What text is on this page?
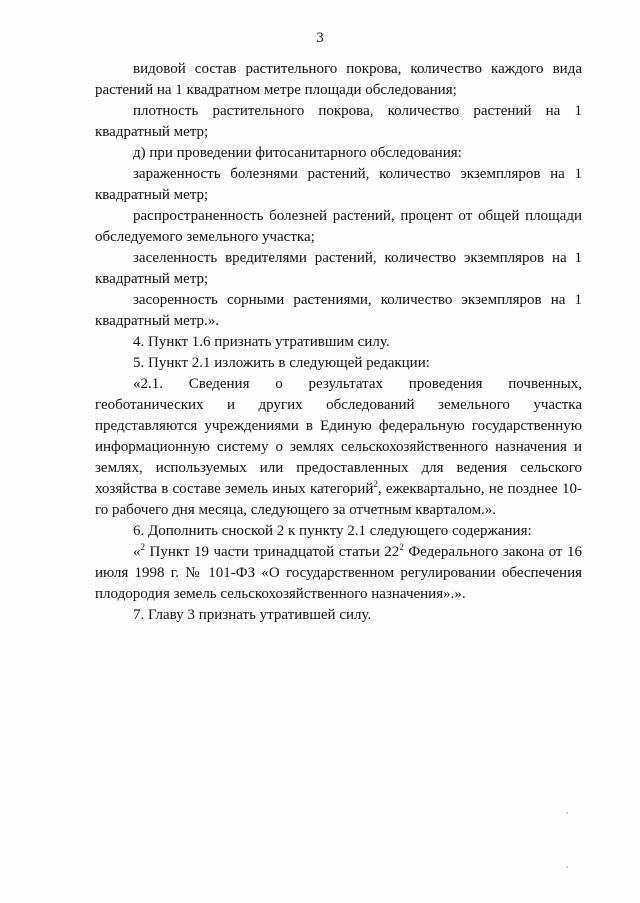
3

видовой состав растительного покрова, количество каждого вида растений на 1 квадратном метре площади обследования;

плотность растительного покрова, количество растений на 1 квадратный метр;

д) при проведении фитосанитарного обследования:

зараженность болезнями растений, количество экземпляров на 1 квадратный метр;

распространенность болезней растений, процент от общей площади обследуемого земельного участка;

заселенность вредителями растений, количество экземпляров на 1 квадратный метр;

засоренность сорными растениями, количество экземпляров на 1 квадратный метр.».

4. Пункт 1.6 признать утратившим силу.

5. Пункт 2.1 изложить в следующей редакции:

«2.1. Сведения о результатах проведения почвенных, геоботанических и других обследований земельного участка представляются учреждениями в Единую федеральную государственную информационную систему о землях сельскохозяйственного назначения и землях, используемых или предоставленных для ведения сельского хозяйства в составе земель иных категорий$^2$, ежеквартально, не позднее 10-го рабочего дня месяца, следующего за отчетным кварталом.».

6. Дополнить сноской 2 к пункту 2.1 следующего содержания:

«$^2$ Пункт 19 части тринадцатой статьи $22^2$ Федерального закона от 16 июля 1998 г. № 101-ФЗ «О государственном регулировании обеспечения плодородия земель сельскохозяйственного назначения».».

7. Главу 3 признать утратившей силу.
